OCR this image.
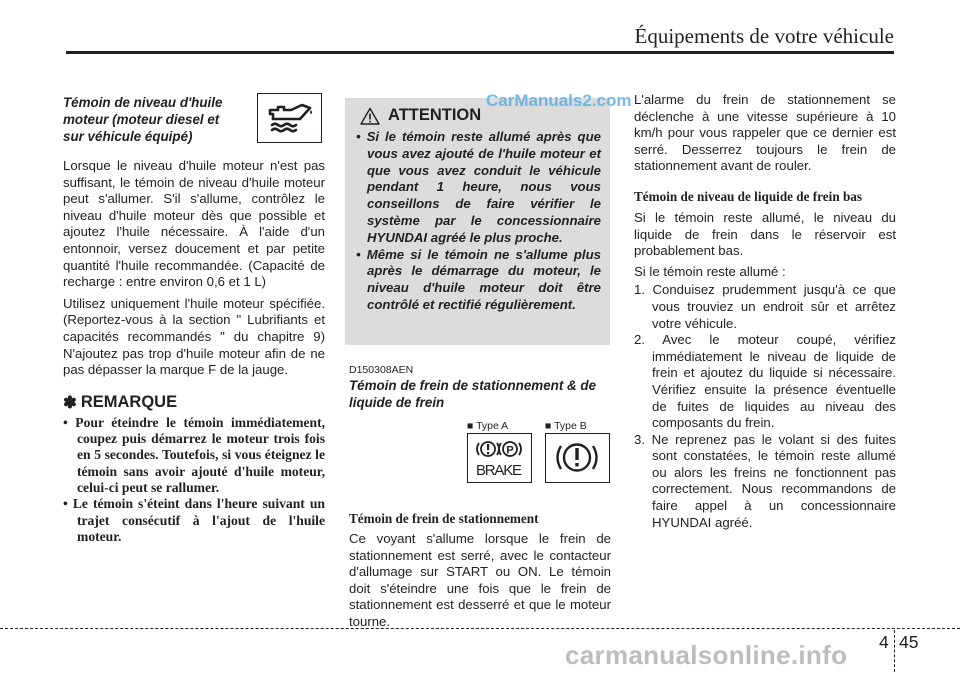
Équipements de votre véhicule
Témoin de niveau d'huile moteur (moteur diesel et sur véhicule équipé)

Lorsque le niveau d'huile moteur n'est pas suffisant, le témoin de niveau d'huile moteur peut s'allumer. S'il s'allume, contrôlez le niveau d'huile moteur dès que possible et ajoutez l'huile nécessaire. À l'aide d'un entonnoir, versez doucement et par petite quantité l'huile recommandée. (Capacité de recharge : entre environ 0,6 et 1 L)

Utilisez uniquement l'huile moteur spécifiée. (Reportez-vous à la section " Lubrifiants et capacités recommandés " du chapitre 9) N'ajoutez pas trop d'huile moteur afin de ne pas dépasser la marque F de la jauge.

✽ REMARQUE
• Pour éteindre le témoin immédiatement, coupez puis démarrez le moteur trois fois en 5 secondes. Toutefois, si vous éteignez le témoin sans avoir ajouté d'huile moteur, celui-ci peut se rallumer.
• Le témoin s'éteint dans l'heure suivant un trajet consécutif à l'ajout de l'huile moteur.
ATTENTION
• Si le témoin reste allumé après que vous avez ajouté de l'huile moteur et que vous avez conduit le véhicule pendant 1 heure, nous vous conseillons de faire vérifier le système par le concessionnaire HYUNDAI agréé le plus proche.
• Même si le témoin ne s'allume plus après le démarrage du moteur, le niveau d'huile moteur doit être contrôlé et rectifié régulièrement.
CarManuals2.com
D150308AEN
Témoin de frein de stationnement & de liquide de frein
■ Type A	■ Type B
P
BRAKE
Témoin de frein de stationnement

Ce voyant s'allume lorsque le frein de stationnement est serré, avec le contacteur d'allumage sur START ou ON. Le témoin doit s'éteindre une fois que le frein de stationnement est desserré et que le moteur tourne.

L'alarme du frein de stationnement se déclenche à une vitesse supérieure à 10 km/h pour vous rappeler que ce dernier est serré. Desserrez toujours le frein de stationnement avant de rouler.

Témoin de niveau de liquide de frein bas

Si le témoin reste allumé, le niveau du liquide de frein dans le réservoir est probablement bas.

Si le témoin reste allumé :

1. Conduisez prudemment jusqu'à ce que vous trouviez un endroit sûr et arrêtez votre véhicule.
2. Avec le moteur coupé, vérifiez immédiatement le niveau de liquide de frein et ajoutez du liquide si nécessaire. Vérifiez ensuite la présence éventuelle de fuites de liquides au niveau des composants du frein.
3. Ne reprenez pas le volant si des fuites sont constatées, le témoin reste allumé ou alors les freins ne fonctionnent pas correctement. Nous recommandons de faire appel à un concessionnaire HYUNDAI agréé.
4 45
carmanualsonline.info
